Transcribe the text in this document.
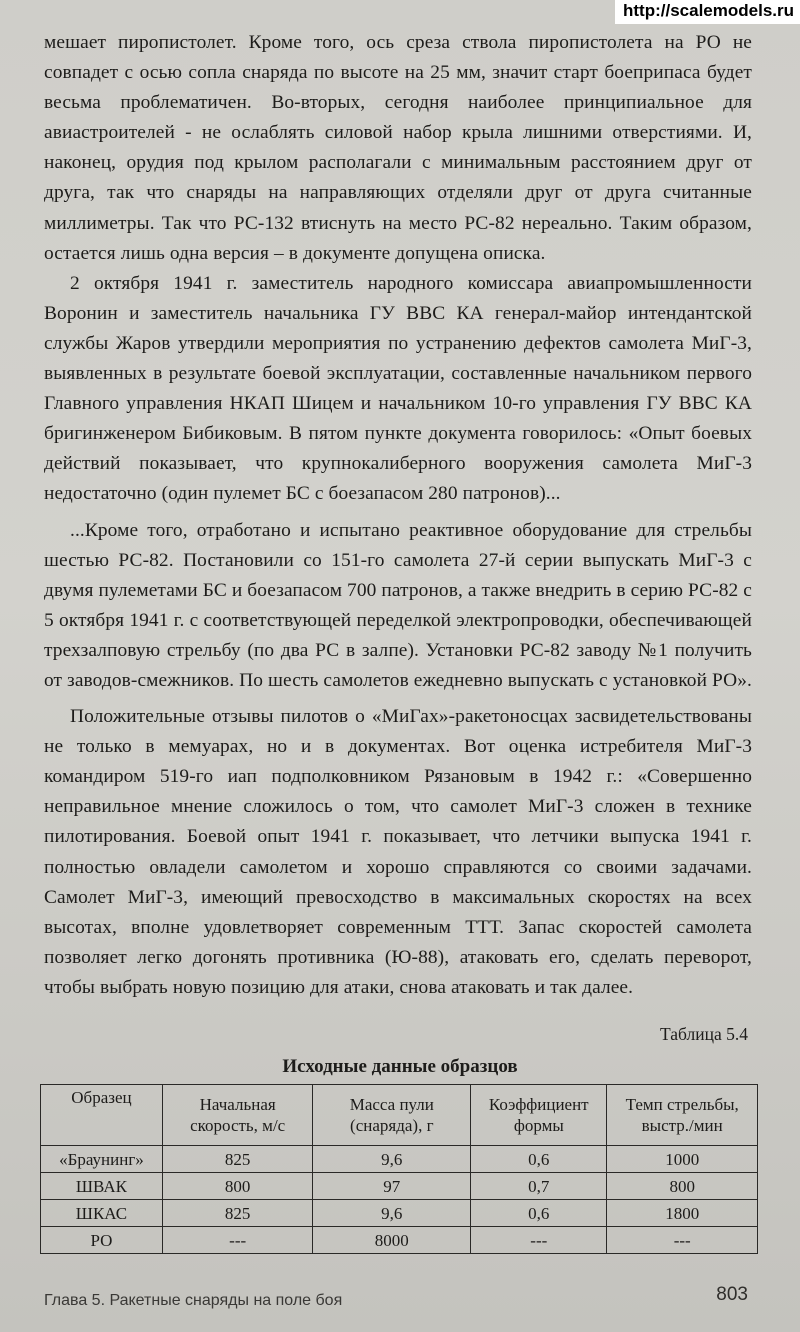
http://scalemodels.ru

мешает пиропистолет. Кроме того, ось среза ствола пиропистолета на РО не совпадет с осью сопла снаряда по высоте на 25 мм, значит старт боеприпаса будет весьма проблематичен. Во-вторых, сегодня наиболее принципиальное для авиастроителей - не ослаблять силовой набор крыла лишними отверстиями. И, наконец, орудия под крылом располагали с минимальным расстоянием друг от друга, так что снаряды на направляющих отделяли друг от друга считанные миллиметры. Так что РС-132 втиснуть на место РС-82 нереально. Таким образом, остается лишь одна версия – в документе допущена описка.

2 октября 1941 г. заместитель народного комиссара авиапромышленности Воронин и заместитель начальника ГУ ВВС КА генерал-майор интендантской службы Жаров утвердили мероприятия по устранению дефектов самолета МиГ-3, выявленных в результате боевой эксплуатации, составленные начальником первого Главного управления НКАП Шицем и начальником 10-го управления ГУ ВВС КА бригинженером Бибиковым. В пятом пункте документа говорилось: «Опыт боевых действий показывает, что крупнокалиберного вооружения самолета МиГ-3 недостаточно (один пулемет БС с боезапасом 280 патронов)...

...Кроме того, отработано и испытано реактивное оборудование для стрельбы шестью РС-82. Постановили со 151-го самолета 27-й серии выпускать МиГ-3 с двумя пулеметами БС и боезапасом 700 патронов, а также внедрить в серию РС-82 с 5 октября 1941 г. с соответствующей переделкой электропроводки, обеспечивающей трехзалповую стрельбу (по два РС в залпе). Установки РС-82 заводу №1 получить от заводов-смежников. По шесть самолетов ежедневно выпускать с установкой РО».

Положительные отзывы пилотов о «МиГах»-ракетоносцах засвидетельствованы не только в мемуарах, но и в документах. Вот оценка истребителя МиГ-3 командиром 519-го иап подполковником Рязановым в 1942 г.: «Совершенно неправильное мнение сложилось о том, что самолет МиГ-3 сложен в технике пилотирования. Боевой опыт 1941 г. показывает, что летчики выпуска 1941 г. полностью овладели самолетом и хорошо справляются со своими задачами. Самолет МиГ-3, имеющий превосходство в максимальных скоростях на всех высотах, вполне удовлетворяет современным ТТТ. Запас скоростей самолета позволяет легко догонять противника (Ю-88), атаковать его, сделать переворот, чтобы выбрать новую позицию для атаки, снова атаковать и так далее.

Таблица 5.4
Исходные данные образцов
Образец	Начальная скорость, м/с	Масса пули (снаряда), г	Коэффициент формы	Темп стрельбы, выстр./мин
«Браунинг»	825	9,6	0,6	1000
ШВАК	800	97	0,7	800
ШКАС	825	9,6	0,6	1800
РО	---	8000	---	---
Глава 5. Ракетные снаряды на поле боя	803
